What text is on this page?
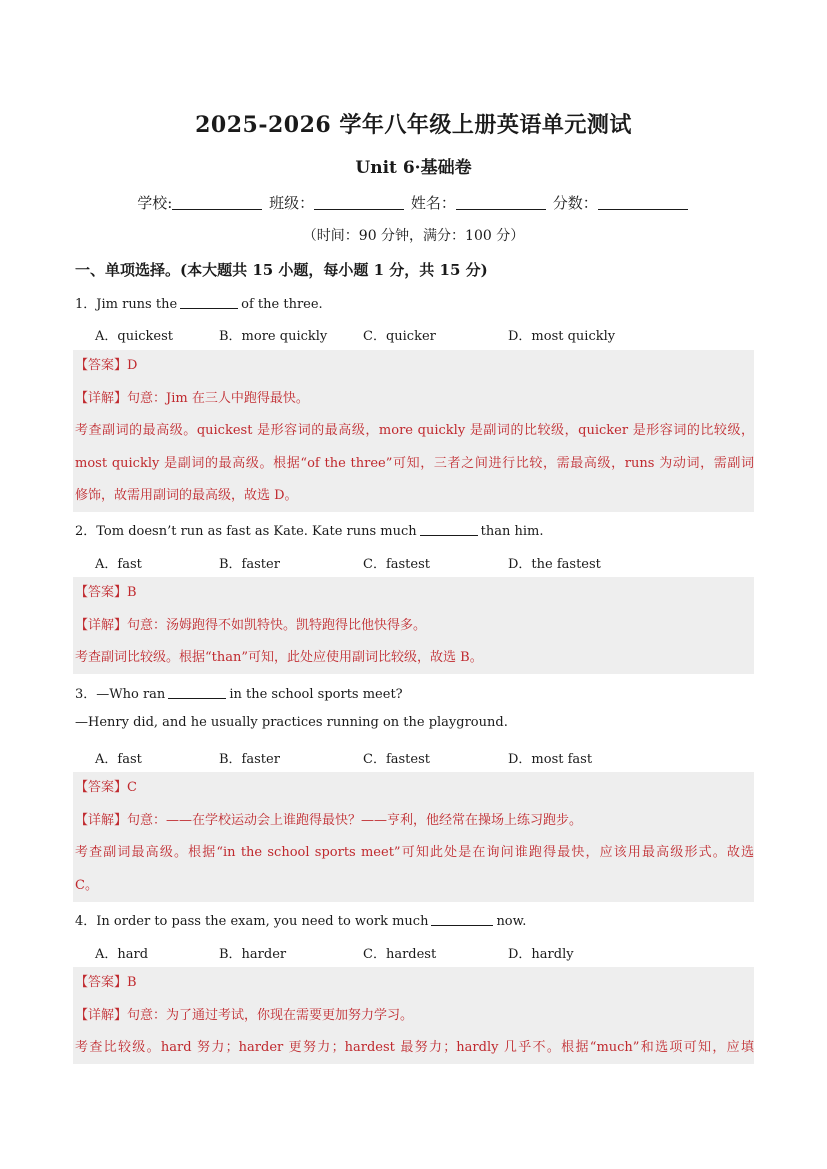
2025-2026 学年八年级上册英语单元测试
Unit 6·基础卷
学校:	班级：	姓名：	分数：
（时间：90 分钟，满分：100 分）
一、单项选择。(本大题共 15 小题，每小题 1 分，共 15 分)
1．Jim runs the	of the three.
A．quickest	B．more quickly	C．quicker	D．most quickly
【答案】D
【详解】句意：Jim 在三人中跑得最快。
考查副词的最高级。quickest 是形容词的最高级，more quickly 是副词的比较级，quicker 是形容词的比较级，
most quickly 是副词的最高级。根据“of the three”可知，三者之间进行比较，需最高级，runs 为动词，需副词
修饰，故需用副词的最高级，故选 D。
2．Tom doesn’t run as fast as Kate. Kate runs much	than him.
A．fast	B．faster	C．fastest	D．the fastest
【答案】B
【详解】句意：汤姆跑得不如凯特快。凯特跑得比他快得多。
考查副词比较级。根据“than”可知，此处应使用副词比较级，故选 B。
3．—Who ran	in the school sports meet?
—Henry did, and he usually practices running on the playground.
A．fast	B．faster	C．fastest	D．most fast
【答案】C
【详解】句意：——在学校运动会上谁跑得最快？——亨利，他经常在操场上练习跑步。
考查副词最高级。根据“in the school sports meet”可知此处是在询问谁跑得最快，应该用最高级形式。故选
C。
4．In order to pass the exam, you need to work much	now.
A．hard	B．harder	C．hardest	D．hardly
【答案】B
【详解】句意：为了通过考试，你现在需要更加努力学习。
考查比较级。hard 努力；harder 更努力；hardest 最努力；hardly 几乎不。根据“much”和选项可知，应填
